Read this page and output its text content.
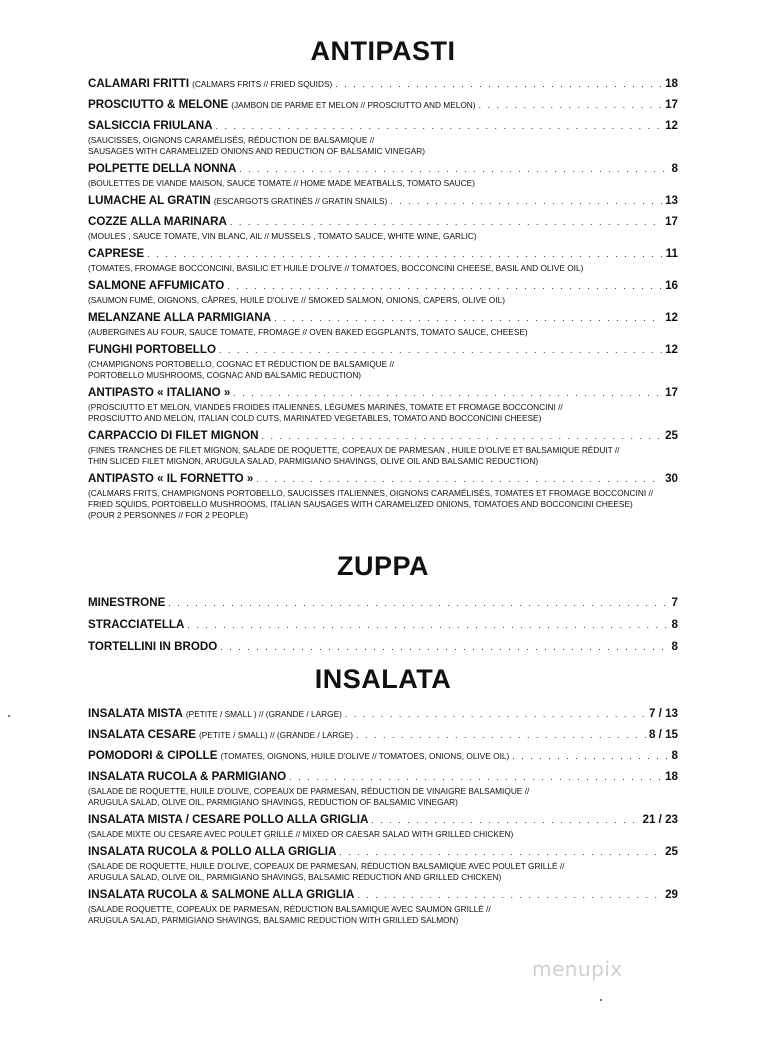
ANTIPASTI
CALAMARI FRITTI (CALMARS FRITS // FRIED SQUIDS) . . .	18
PROSCIUTTO & MELONE (JAMBON DE PARME ET MELON // PROSCIUTTO AND MELON) . . .	17
SALSICCIA FRIULANA . . .	12
(SAUCISSES, OIGNONS CARAMÉLISÉS, RÉDUCTION DE BALSAMIQUE //
SAUSAGES WITH CARAMELIZED ONIONS AND REDUCTION OF BALSAMIC VINEGAR)
POLPETTE DELLA NONNA . . .	8
(BOULETTES DE VIANDE MAISON, SAUCE TOMATE // HOME MADE MEATBALLS, TOMATO SAUCE)
LUMACHE AL GRATIN (ESCARGOTS GRATINÉS // GRATIN SNAILS) . . .	13
COZZE ALLA MARINARA . . .	17
(MOULES , SAUCE TOMATE, VIN BLANC, AIL // MUSSELS , TOMATO SAUCE, WHITE WINE, GARLIC)
CAPRESE . . .	11
(TOMATES, FROMAGE BOCCONCINI, BASILIC ET HUILE D'OLIVE // TOMATOES, BOCCONCINI CHEESE, BASIL AND OLIVE OIL)
SALMONE AFFUMICATO . . .	16
(SAUMON FUMÉ, OIGNONS, CÂPRES, HUILE D'OLIVE // SMOKED SALMON, ONIONS, CAPERS, OLIVE OIL)
MELANZANE ALLA PARMIGIANA . . .	12
(AUBERGINES AU FOUR, SAUCE TOMATE, FROMAGE // OVEN BAKED EGGPLANTS, TOMATO SAUCE, CHEESE)
FUNGHI PORTOBELLO . . .	12
(CHAMPIGNONS PORTOBELLO, COGNAC ET RÉDUCTION DE BALSAMIQUE //
PORTOBELLO MUSHROOMS, COGNAC AND BALSAMIC REDUCTION)
ANTIPASTO « ITALIANO » . . .	17
(PROSCIUTTO ET MELON, VIANDES FROIDES ITALIENNES, LÉGUMES MARINÉS, TOMATE ET FROMAGE BOCCONCINI //
PROSCIUTTO AND MELON, ITALIAN COLD CUTS, MARINATED VEGETABLES, TOMATO AND BOCCONCINI CHEESE)
CARPACCIO DI FILET MIGNON . . .	25
(FINES TRANCHES DE FILET MIGNON, SALADE DE ROQUETTE, COPEAUX DE PARMESAN , HUILE D'OLIVE ET BALSAMIQUE RÉDUIT //
THIN SLICED FILET MIGNON, ARUGULA SALAD, PARMIGIANO SHAVINGS, OLIVE OIL AND BALSAMIC REDUCTION)
ANTIPASTO « IL FORNETTO » . . .	30
(CALMARS FRITS, CHAMPIGNONS PORTOBELLO, SAUCISSES ITALIENNES, OIGNONS CARAMÉLISÉS, TOMATES ET FROMAGE BOCCONCINI //
FRIED SQUIDS, PORTOBELLO MUSHROOMS, ITALIAN SAUSAGES WITH CARAMELIZED ONIONS, TOMATOES AND BOCCONCINI CHEESE)
(POUR 2 PERSONNES // FOR 2 PEOPLE)
ZUPPA
MINESTRONE . . .	7
STRACCIATELLA . . .	8
TORTELLINI IN BRODO . . .	8
INSALATA
INSALATA MISTA (PETITE / SMALL ) // (GRANDE / LARGE) . . .	7 / 13
INSALATA CESARE (PETITE / SMALL) // (GRANDE / LARGE) . . .	8 / 15
POMODORI & CIPOLLE (TOMATES, OIGNONS, HUILE D'OLIVE // TOMATOES, ONIONS, OLIVE OIL) . . .	8
INSALATA RUCOLA & PARMIGIANO . . .	18
(SALADE DE ROQUETTE, HUILE D'OLIVE, COPEAUX DE PARMESAN, RÉDUCTION DE VINAIGRE BALSAMIQUE //
ARUGULA SALAD, OLIVE OIL, PARMIGIANO SHAVINGS, REDUCTION OF BALSAMIC VINEGAR)
INSALATA MISTA / CESARE POLLO ALLA GRIGLIA . . .	21 / 23
(SALADE MIXTE OU CESARE AVEC POULET GRILLÉ // MIXED OR CAESAR SALAD WITH GRILLED CHICKEN)
INSALATA RUCOLA & POLLO ALLA GRIGLIA . . .	25
(SALADE DE ROQUETTE, HUILE D'OLIVE, COPEAUX DE PARMESAN, RÉDUCTION BALSAMIQUE AVEC POULET GRILLÉ //
ARUGULA SALAD, OLIVE OIL, PARMIGIANO SHAVINGS, BALSAMIC REDUCTION AND GRILLED CHICKEN)
INSALATA RUCOLA & SALMONE ALLA GRIGLIA . . .	29
(SALADE ROQUETTE, COPEAUX DE PARMESAN, RÉDUCTION BALSAMIQUE AVEC SAUMON GRILLÉ //
ARUGULA SALAD, PARMIGIANO SHAVINGS, BALSAMIC REDUCTION WITH GRILLED SALMON)
menupix
